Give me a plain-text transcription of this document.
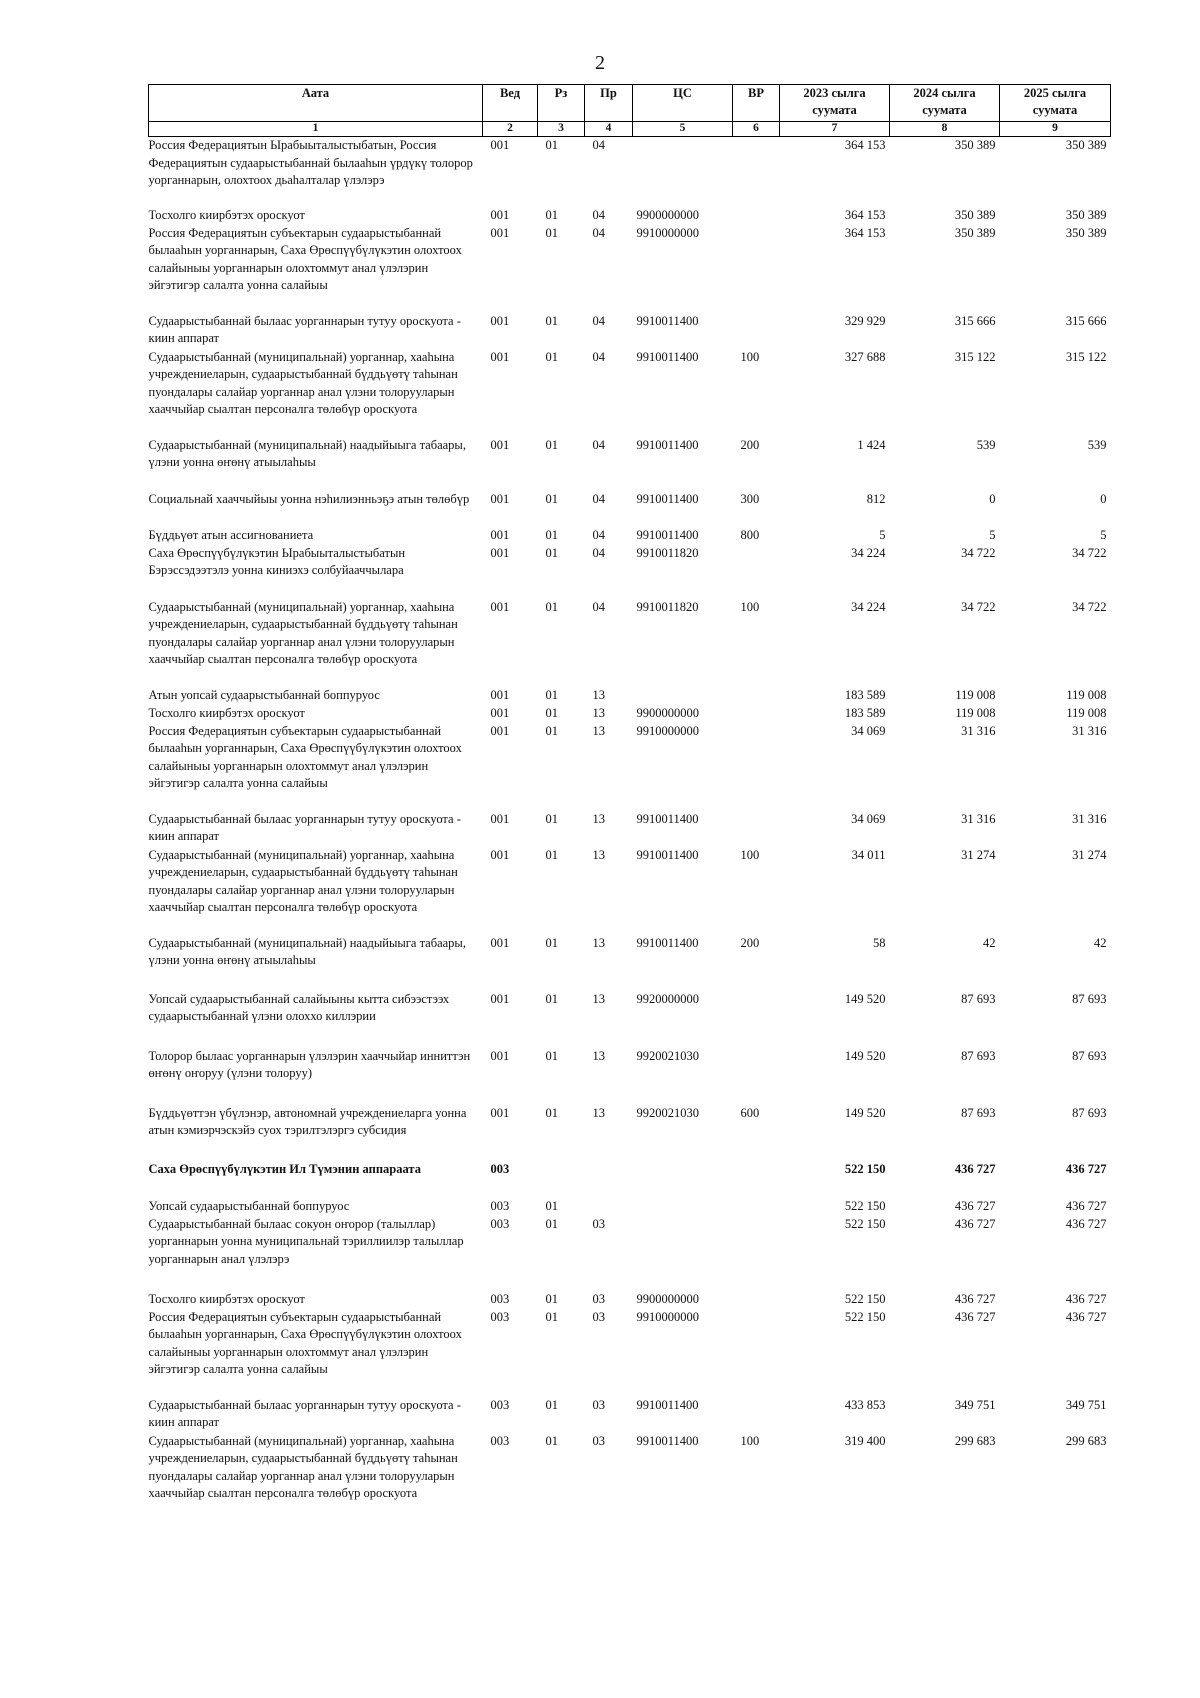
2
Аата	Вед	Рз	Пр	ЦС	ВР	2023 сылга суумата	2024 сылга суумата	2025 сылга суумата
1	2	3	4	5	6	7	8	9
Россия Федерациятын Ырабыыталыстыбатын, Россия Федерациятын судаарыстыбаннай былааһын үрдүкү толорор уорганнарын, олохтоох дьаһалталар үлэлэрэ	001	01	04			364 153	350 389	350 389
Тосхолго киирбэтэх ороскуот	001	01	04	9900000000		364 153	350 389	350 389
Россия Федерациятын субъектарын судаарыстыбаннай былааһын уорганнарын, Саха Өрөспүүбүлүкэтин олохтоох салайыныы уорганнарын олохтоммут анал үлэлэрин эйгэтигэр салалта уонна салайыы	001	01	04	9910000000		364 153	350 389	350 389
Судаарыстыбаннай былаас уорганнарын тутуу ороскуота - киин аппарат	001	01	04	9910011400		329 929	315 666	315 666
Судаарыстыбаннай (муниципальнай) уорганнар, хааһына учреждениеларын, судаарыстыбаннай бүддьүөтү таһынан пуондалары салайар уорганнар анал үлэни толорууларын хааччыйар сыалтан персоналга төлөбүр ороскуота	001	01	04	9910011400	100	327 688	315 122	315 122
Судаарыстыбаннай (муниципальнай) наадыйыыга табаары, үлэни уонна өҥөнү атыылаһыы	001	01	04	9910011400	200	1 424	539	539
Социальнай хааччыйыы уонна нэһилиэнньэҕэ атын төлөбүр	001	01	04	9910011400	300	812	0	0
Бүддьүөт атын ассигнованиета	001	01	04	9910011400	800	5	5	5
Саха Өрөспүүбүлүкэтин Ырабыыталыстыбатын Бэрэссэдээтэлэ уонна киниэхэ солбуйааччылара	001	01	04	9910011820		34 224	34 722	34 722
Судаарыстыбаннай (муниципальнай) уорганнар, хааһына учреждениеларын, судаарыстыбаннай бүддьүөтү таһынан пуондалары салайар уорганнар анал үлэни толорууларын хааччыйар сыалтан персоналга төлөбүр ороскуота	001	01	04	9910011820	100	34 224	34 722	34 722
Атын уопсай судаарыстыбаннай боппуруос	001	01	13			183 589	119 008	119 008
Тосхолго киирбэтэх ороскуот	001	01	13	9900000000		183 589	119 008	119 008
Россия Федерациятын субъектарын судаарыстыбаннай былааһын уорганнарын, Саха Өрөспүүбүлүкэтин олохтоох салайыныы уорганнарын олохтоммут анал үлэлэрин эйгэтигэр салалта уонна салайыы	001	01	13	9910000000		34 069	31 316	31 316
Судаарыстыбаннай былаас уорганнарын тутуу ороскуота - киин аппарат	001	01	13	9910011400		34 069	31 316	31 316
Судаарыстыбаннай (муниципальнай) уорганнар, хааһына учреждениеларын, судаарыстыбаннай бүддьүөтү таһынан пуондалары салайар уорганнар анал үлэни толорууларын хааччыйар сыалтан персоналга төлөбүр ороскуота	001	01	13	9910011400	100	34 011	31 274	31 274
Судаарыстыбаннай (муниципальнай) наадыйыыга табаары, үлэни уонна өҥөнү атыылаһыы	001	01	13	9910011400	200	58	42	42
Уопсай судаарыстыбаннай салайыыны кытта сибээстээх судаарыстыбаннай үлэни олоххо киллэрии	001	01	13	9920000000		149 520	87 693	87 693
Толорор былаас уорганнарын үлэлэрин хааччыйар инниттэн өҥөнү оҥоруу (үлэни толоруу)	001	01	13	9920021030		149 520	87 693	87 693
Бүддьүөттэн үбүлэнэр, автономнай учреждениеларга уонна атын кэмиэрчэскэйэ суох тэрилтэлэргэ субсидия	001	01	13	9920021030	600	149 520	87 693	87 693
Саха Өрөспүүбүлүкэтин Ил Түмэнин аппараата	003					522 150	436 727	436 727
Уопсай судаарыстыбаннай боппуруос	003	01				522 150	436 727	436 727
Судаарыстыбаннай былаас сокуон оҥорор (талыллар) уорганнарын уонна муниципальнай тэриллиилэр талыллар уорганнарын анал үлэлэрэ	003	01	03			522 150	436 727	436 727
Тосхолго киирбэтэх ороскуот	003	01	03	9900000000		522 150	436 727	436 727
Россия Федерациятын субъектарын судаарыстыбаннай былааһын уорганнарын, Саха Өрөспүүбүлүкэтин олохтоох салайыныы уорганнарын олохтоммут анал үлэлэрин эйгэтигэр салалта уонна салайыы	003	01	03	9910000000		522 150	436 727	436 727
Судаарыстыбаннай былаас уорганнарын тутуу ороскуота - киин аппарат	003	01	03	9910011400		433 853	349 751	349 751
Судаарыстыбаннай (муниципальнай) уорганнар, хааһына учреждениеларын, судаарыстыбаннай бүддьүөтү таһынан пуондалары салайар уорганнар анал үлэни толорууларын хааччыйар сыалтан персоналга төлөбүр ороскуота	003	01	03	9910011400	100	319 400	299 683	299 683
